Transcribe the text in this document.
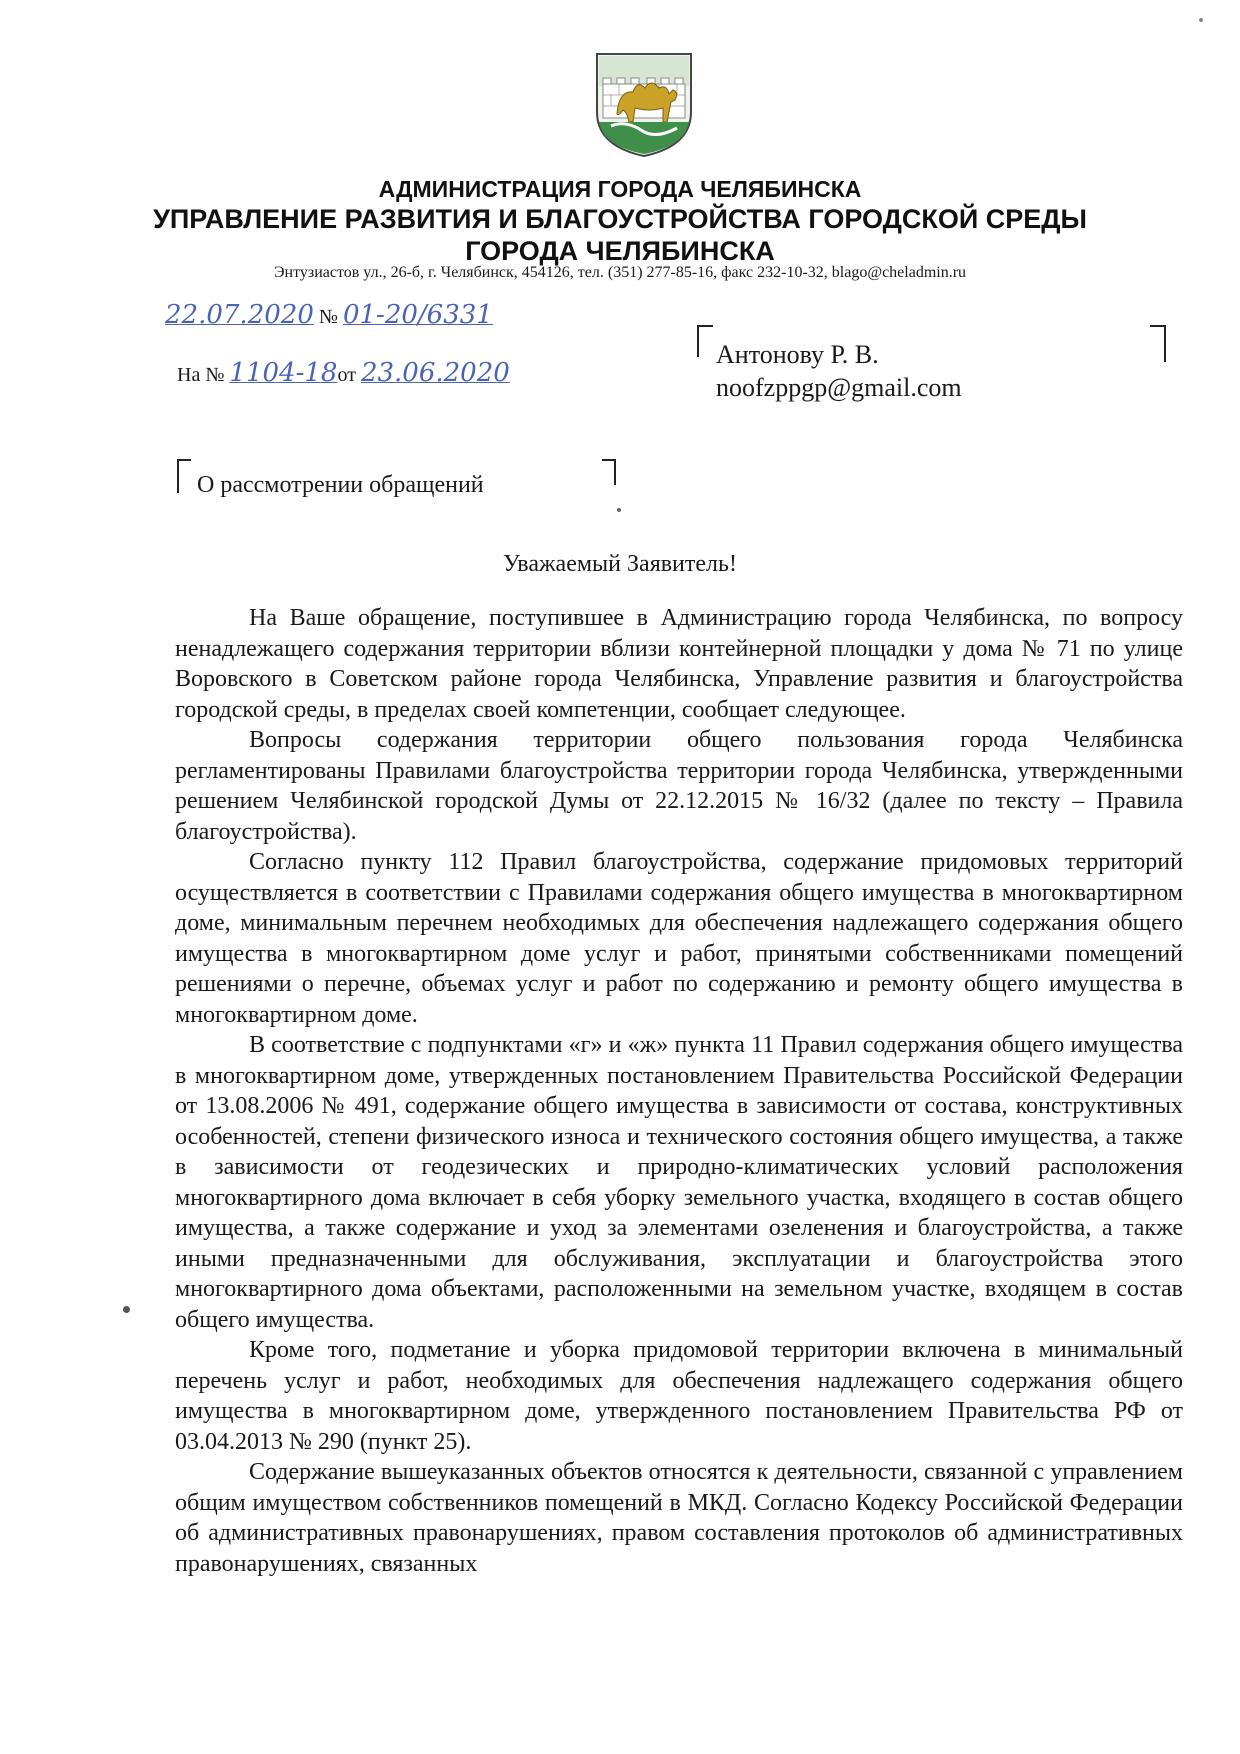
АДМИНИСТРАЦИЯ ГОРОДА ЧЕЛЯБИНСКА
УПРАВЛЕНИЕ РАЗВИТИЯ И БЛАГОУСТРОЙСТВА ГОРОДСКОЙ СРЕДЫ
ГОРОДА ЧЕЛЯБИНСКА
Энтузиастов ул., 26-б, г. Челябинск, 454126, тел. (351) 277-85-16, факс 232-10-32, blago@cheladmin.ru
22.07.2020 № 01-20/6331
На № 1104-18от 23.06.2020
Антонову Р. В.
noofzppgp@gmail.com
О рассмотрении обращений
Уважаемый Заявитель!

На Ваше обращение, поступившее в Администрацию города Челябинска, по вопросу ненадлежащего содержания территории вблизи контейнерной площадки у дома № 71 по улице Воровского в Советском районе города Челябинска, Управление развития и благоустройства городской среды, в пределах своей компетенции, сообщает следующее.

Вопросы содержания территории общего пользования города Челябинска регламентированы Правилами благоустройства территории города Челябинска, утвержденными решением Челябинской городской Думы от 22.12.2015 № 16/32 (далее по тексту – Правила благоустройства).

Согласно пункту 112 Правил благоустройства, содержание придомовых территорий осуществляется в соответствии с Правилами содержания общего имущества в многоквартирном доме, минимальным перечнем необходимых для обеспечения надлежащего содержания общего имущества в многоквартирном доме услуг и работ, принятыми собственниками помещений решениями о перечне, объемах услуг и работ по содержанию и ремонту общего имущества в многоквартирном доме.

В соответствие с подпунктами «г» и «ж» пункта 11 Правил содержания общего имущества в многоквартирном доме, утвержденных постановлением Правительства Российской Федерации от 13.08.2006 № 491, содержание общего имущества в зависимости от состава, конструктивных особенностей, степени физического износа и технического состояния общего имущества, а также в зависимости от геодезических и природно-климатических условий расположения многоквартирного дома включает в себя уборку земельного участка, входящего в состав общего имущества, а также содержание и уход за элементами озеленения и благоустройства, а также иными предназначенными для обслуживания, эксплуатации и благоустройства этого многоквартирного дома объектами, расположенными на земельном участке, входящем в состав общего имущества.

Кроме того, подметание и уборка придомовой территории включена в минимальный перечень услуг и работ, необходимых для обеспечения надлежащего содержания общего имущества в многоквартирном доме, утвержденного постановлением Правительства РФ от 03.04.2013 № 290 (пункт 25).

Содержание вышеуказанных объектов относятся к деятельности, связанной с управлением общим имуществом собственников помещений в МКД. Согласно Кодексу Российской Федерации об административных правонарушениях, правом составления протоколов об административных правонарушениях, связанных
